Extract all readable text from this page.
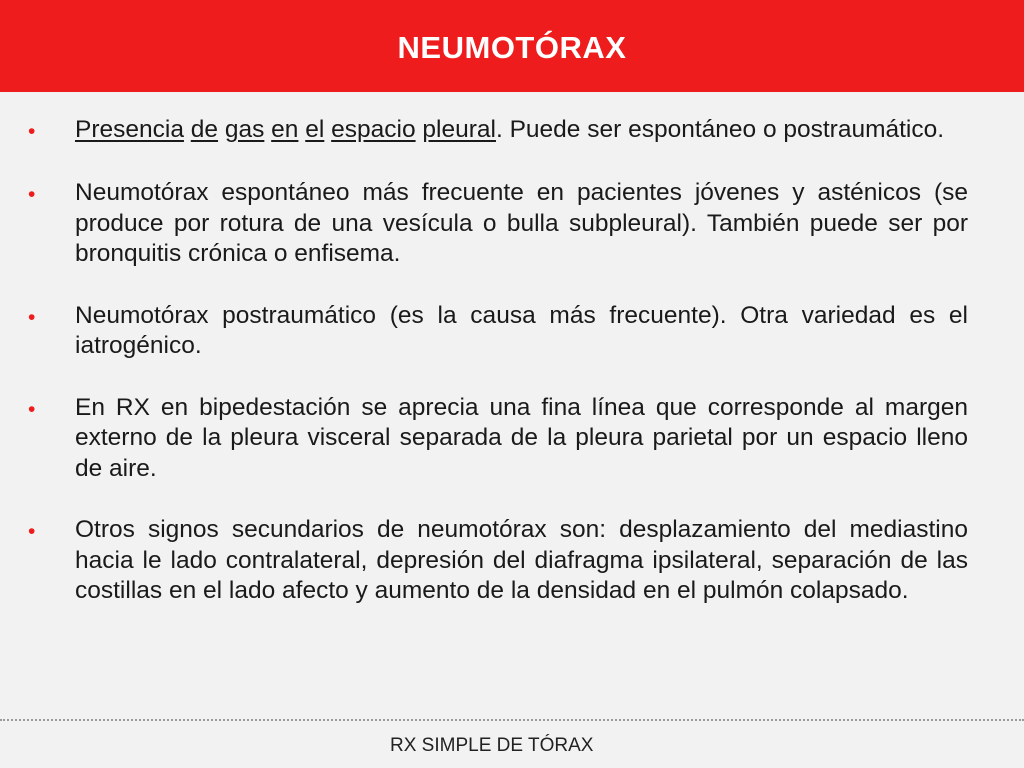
NEUMOTÓRAX
•	Presencia de gas en el espacio pleural. Puede ser espontáneo o postraumático.
•	Neumotórax espontáneo más frecuente en pacientes jóvenes y asténicos (se produce por rotura de una vesícula o bulla subpleural). También puede ser por bronquitis crónica o enfisema.
•	Neumotórax postraumático (es la causa más frecuente). Otra variedad es el iatrogénico.
•	En RX en bipedestación se aprecia una fina línea que corresponde al margen externo de la pleura visceral separada de la pleura parietal por un espacio lleno de aire.
•	Otros signos secundarios de neumotórax son: desplazamiento del mediastino hacia le lado contralateral, depresión del diafragma ipsilateral, separación de las costillas en el lado afecto y aumento de la densidad en el pulmón colapsado.
RX SIMPLE DE TÓRAX
